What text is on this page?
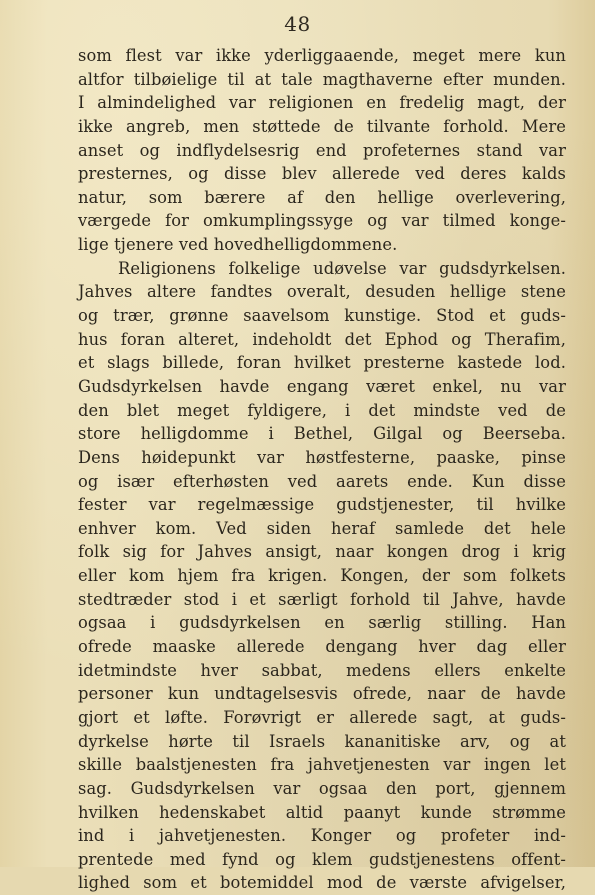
48
som flest var ikke yderliggaaende, meget mere kun
altfor tilbøielige til at tale magthaverne efter munden.
I almindelighed var religionen en fredelig magt, der
ikke angreb, men støttede de tilvante forhold. Mere
anset og indflydelsesrig end profeternes stand var
presternes, og disse blev allerede ved deres kalds
natur, som bærere af den hellige overlevering,
værgede for omkumplingssyge og var tilmed konge-
lige tjenere ved hovedhelligdommene.
Religionens folkelige udøvelse var gudsdyrkelsen.
Jahves altere fandtes overalt, desuden hellige stene
og trær, grønne saavelsom kunstige. Stod et guds-
hus foran alteret, indeholdt det Ephod og Therafim,
et slags billede, foran hvilket presterne kastede lod.
Gudsdyrkelsen havde engang været enkel, nu var
den blet meget fyldigere, i det mindste ved de
store helligdomme i Bethel, Gilgal og Beerseba.
Dens høidepunkt var høstfesterne, paaske, pinse
og især efterhøsten ved aarets ende. Kun disse
fester var regelmæssige gudstjenester, til hvilke
enhver kom. Ved siden heraf samlede det hele
folk sig for Jahves ansigt, naar kongen drog i krig
eller kom hjem fra krigen. Kongen, der som folkets
stedtræder stod i et særligt forhold til Jahve, havde
ogsaa i gudsdyrkelsen en særlig stilling. Han
ofrede maaske allerede dengang hver dag eller
idetmindste hver sabbat, medens ellers enkelte
personer kun undtagelsesvis ofrede, naar de havde
gjort et løfte. Forøvrigt er allerede sagt, at guds-
dyrkelse hørte til Israels kananitiske arv, og at
skille baalstjenesten fra jahvetjenesten var ingen let
sag. Gudsdyrkelsen var ogsaa den port, gjennem
hvilken hedenskabet altid paanyt kunde strømme
ind i jahvetjenesten. Konger og profeter ind-
prentede med fynd og klem gudstjenestens offent-
lighed som et botemiddel mod de værste afvigelser,
